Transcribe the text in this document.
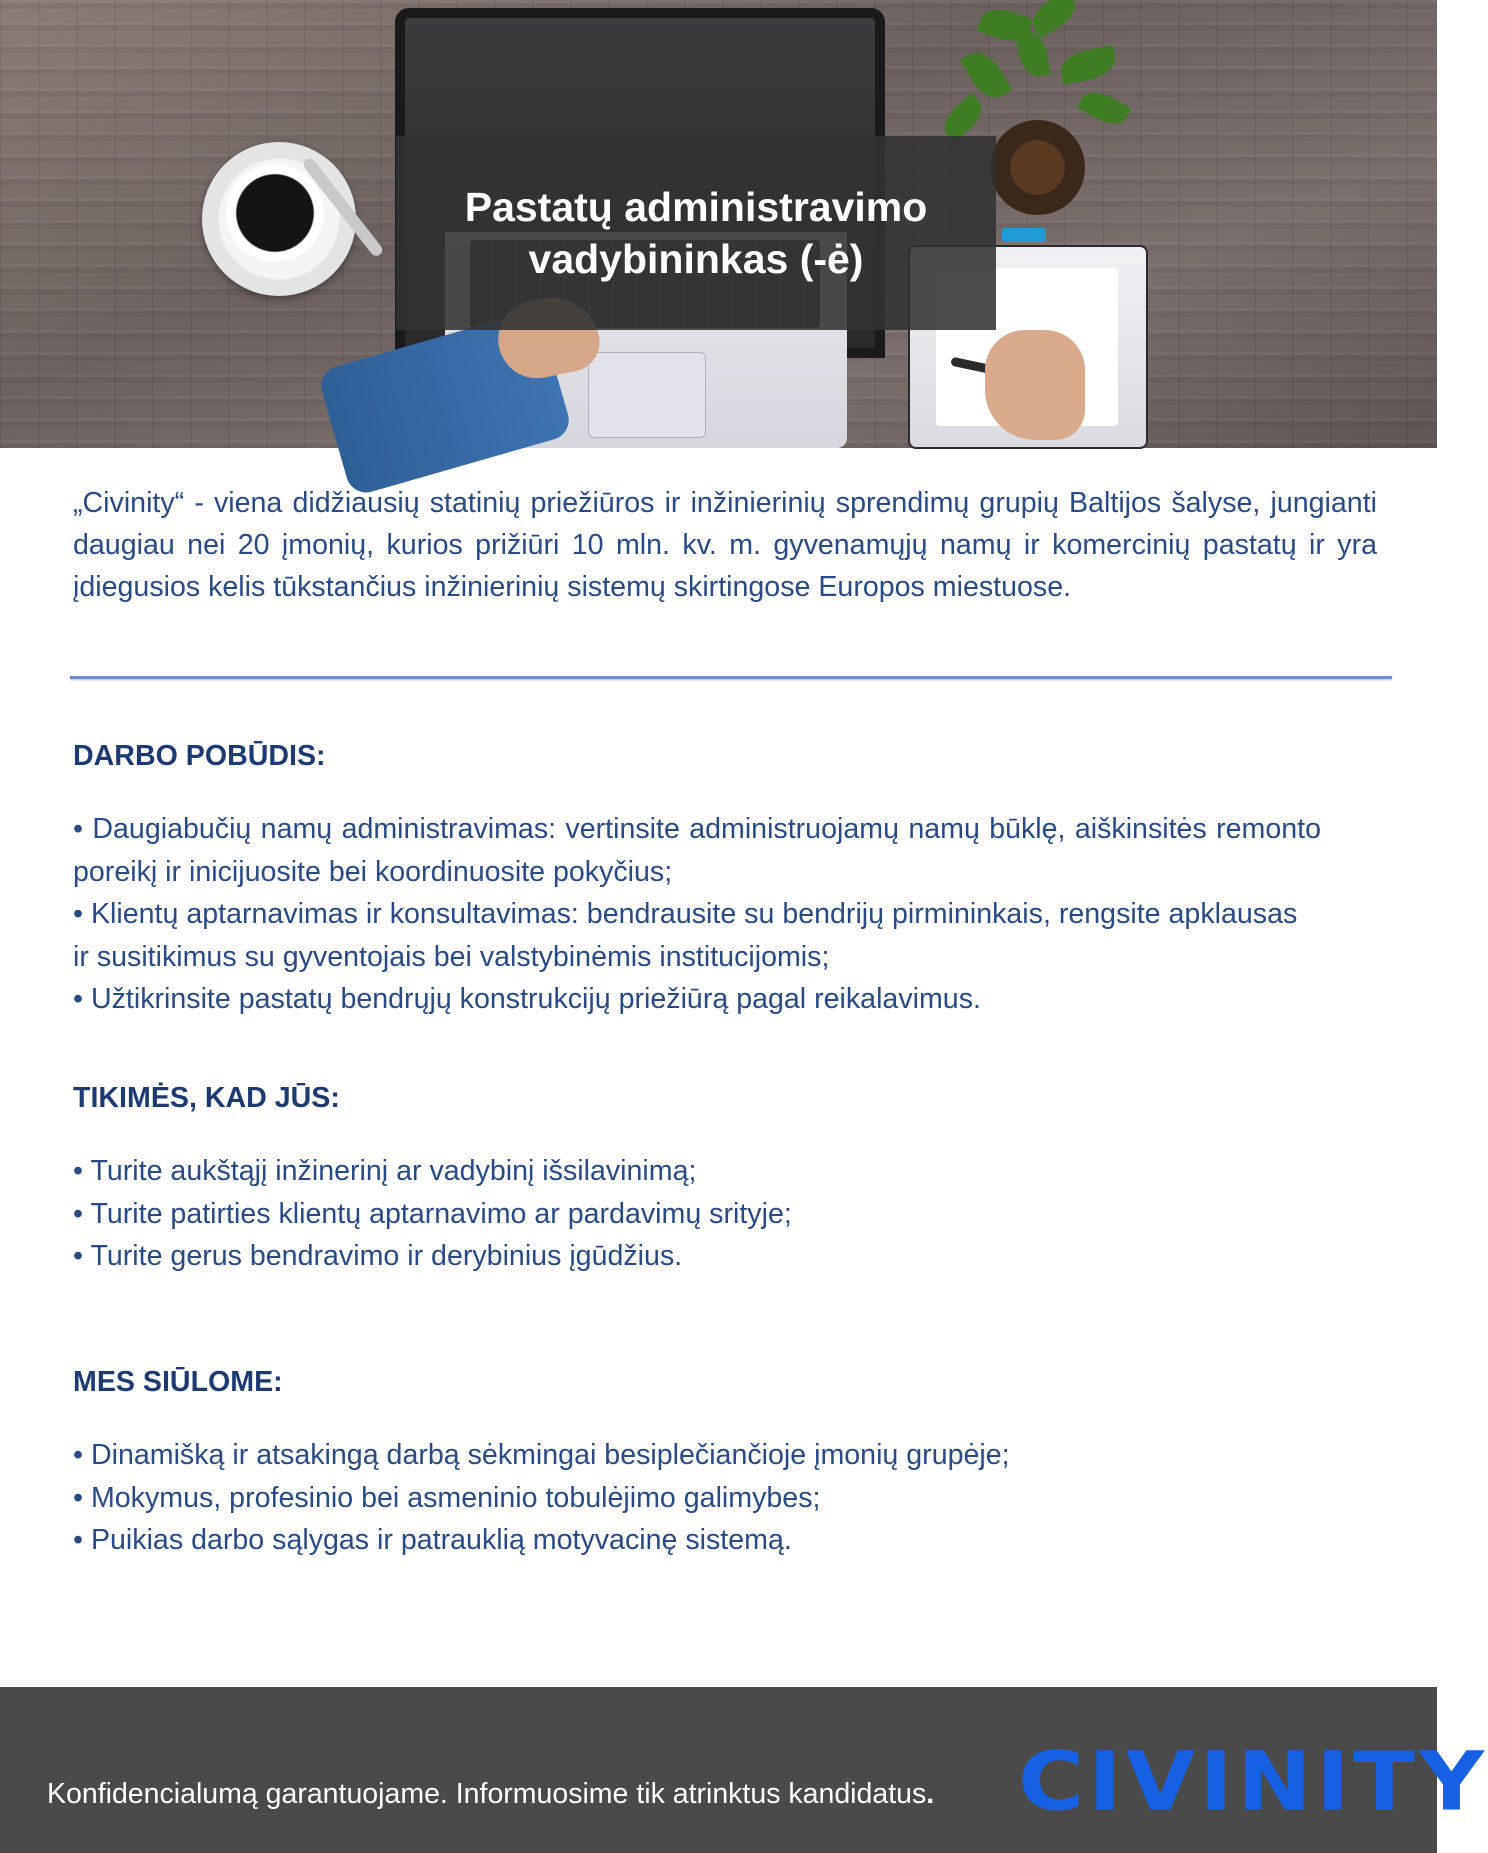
Pastatų administravimo
vadybininkas (-ė)

„Civinity“ - viena didžiausių statinių priežiūros ir inžinierinių sprendimų grupių Baltijos šalyse, jungianti daugiau nei 20 įmonių, kurios prižiūri 10 mln. kv. m. gyvenamųjų namų ir komercinių pastatų ir yra įdiegusios kelis tūkstančius inžinierinių sistemų skirtingose Europos miestuose.

DARBO POBŪDIS:
• Daugiabučių namų administravimas: vertinsite administruojamų namų būklę, aiškinsitės remonto poreikį ir inicijuosite bei koordinuosite pokyčius;
• Klientų aptarnavimas ir konsultavimas: bendrausite su bendrijų pirmininkais, rengsite apklausas ir susitikimus su gyventojais bei valstybinėmis institucijomis;
• Užtikrinsite pastatų bendrųjų konstrukcijų priežiūrą pagal reikalavimus.
TIKIMĖS, KAD JŪS:
• Turite aukštąjį inžinerinį ar vadybinį išsilavinimą;
• Turite patirties klientų aptarnavimo ar pardavimų srityje;
• Turite gerus bendravimo ir derybinius įgūdžius.
MES SIŪLOME:
• Dinamišką ir atsakingą darbą sėkmingai besiplečiančioje įmonių grupėje;
• Mokymus, profesinio bei asmeninio tobulėjimo galimybes;
• Puikias darbo sąlygas ir patrauklią motyvacinę sistemą.
Konfidencialumą garantuojame. Informuosime tik atrinktus kandidatus. CIVINITY
